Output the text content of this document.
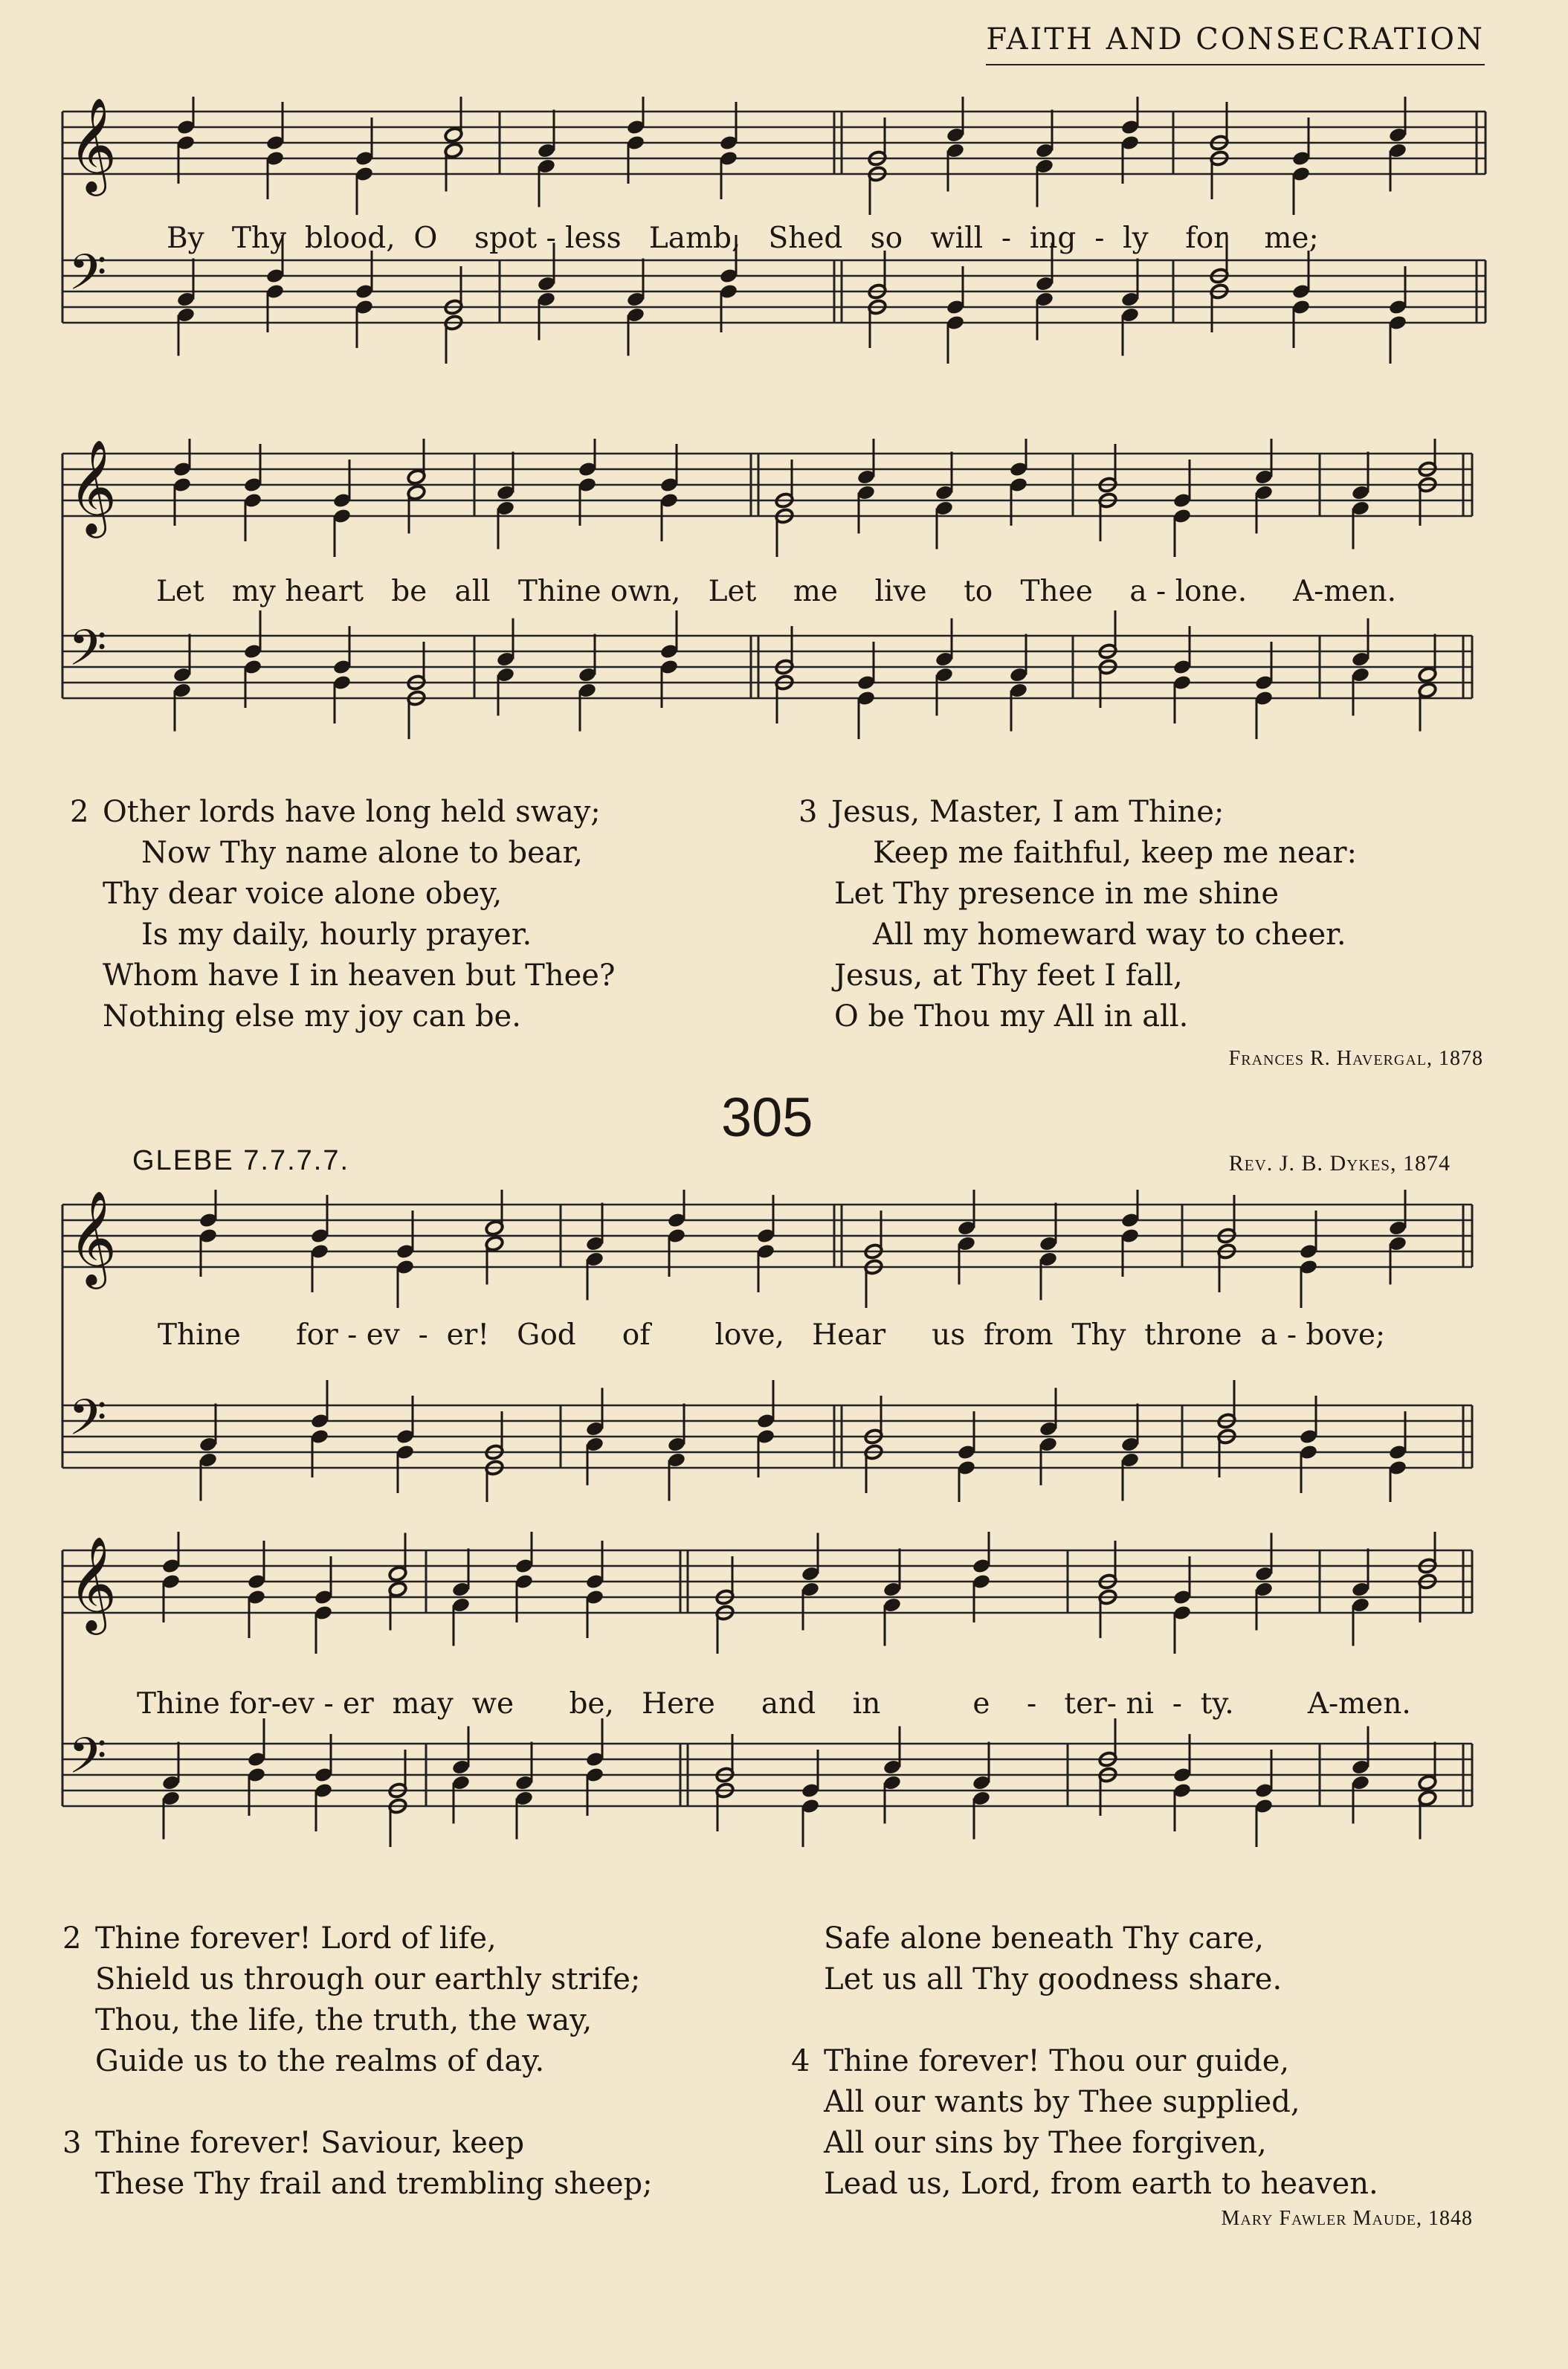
FAITH AND CONSECRATION
𝄞
𝄢
By   Thy  blood,  O    spot - less   Lamb,   Shed   so   will  -  ing  -  ly    for    me;
𝄞
𝄢
Let   my heart   be   all   Thine own,   Let    me    live    to   Thee    a - lone.     A-men.
2 Other lords have long held sway;
Now Thy name alone to bear,
Thy dear voice alone obey,
Is my daily, hourly prayer.
Whom have I in heaven but Thee?
Nothing else my joy can be.
3 Jesus, Master, I am Thine;
Keep me faithful, keep me near:
Let Thy presence in me shine
All my homeward way to cheer.
Jesus, at Thy feet I fall,
O be Thou my All in all.
Frances R. Havergal, 1878
305
GLEBE 7.7.7.7.	Rev. J. B. Dykes, 1874
𝄞
𝄢
Thine      for - ev  -  er!   God     of       love,   Hear     us  from  Thy  throne  a - bove;
𝄞
𝄢
Thine for-ev - er  may  we      be,   Here     and    in          e    -   ter- ni  -  ty.        A-men.
2 Thine forever! Lord of life,
Shield us through our earthly strife;
Thou, the life, the truth, the way,
Guide us to the realms of day.
3 Thine forever! Saviour, keep
These Thy frail and trembling sheep;
Safe alone beneath Thy care,
Let us all Thy goodness share.
4 Thine forever! Thou our guide,
All our wants by Thee supplied,
All our sins by Thee forgiven,
Lead us, Lord, from earth to heaven.
Mary Fawler Maude, 1848
